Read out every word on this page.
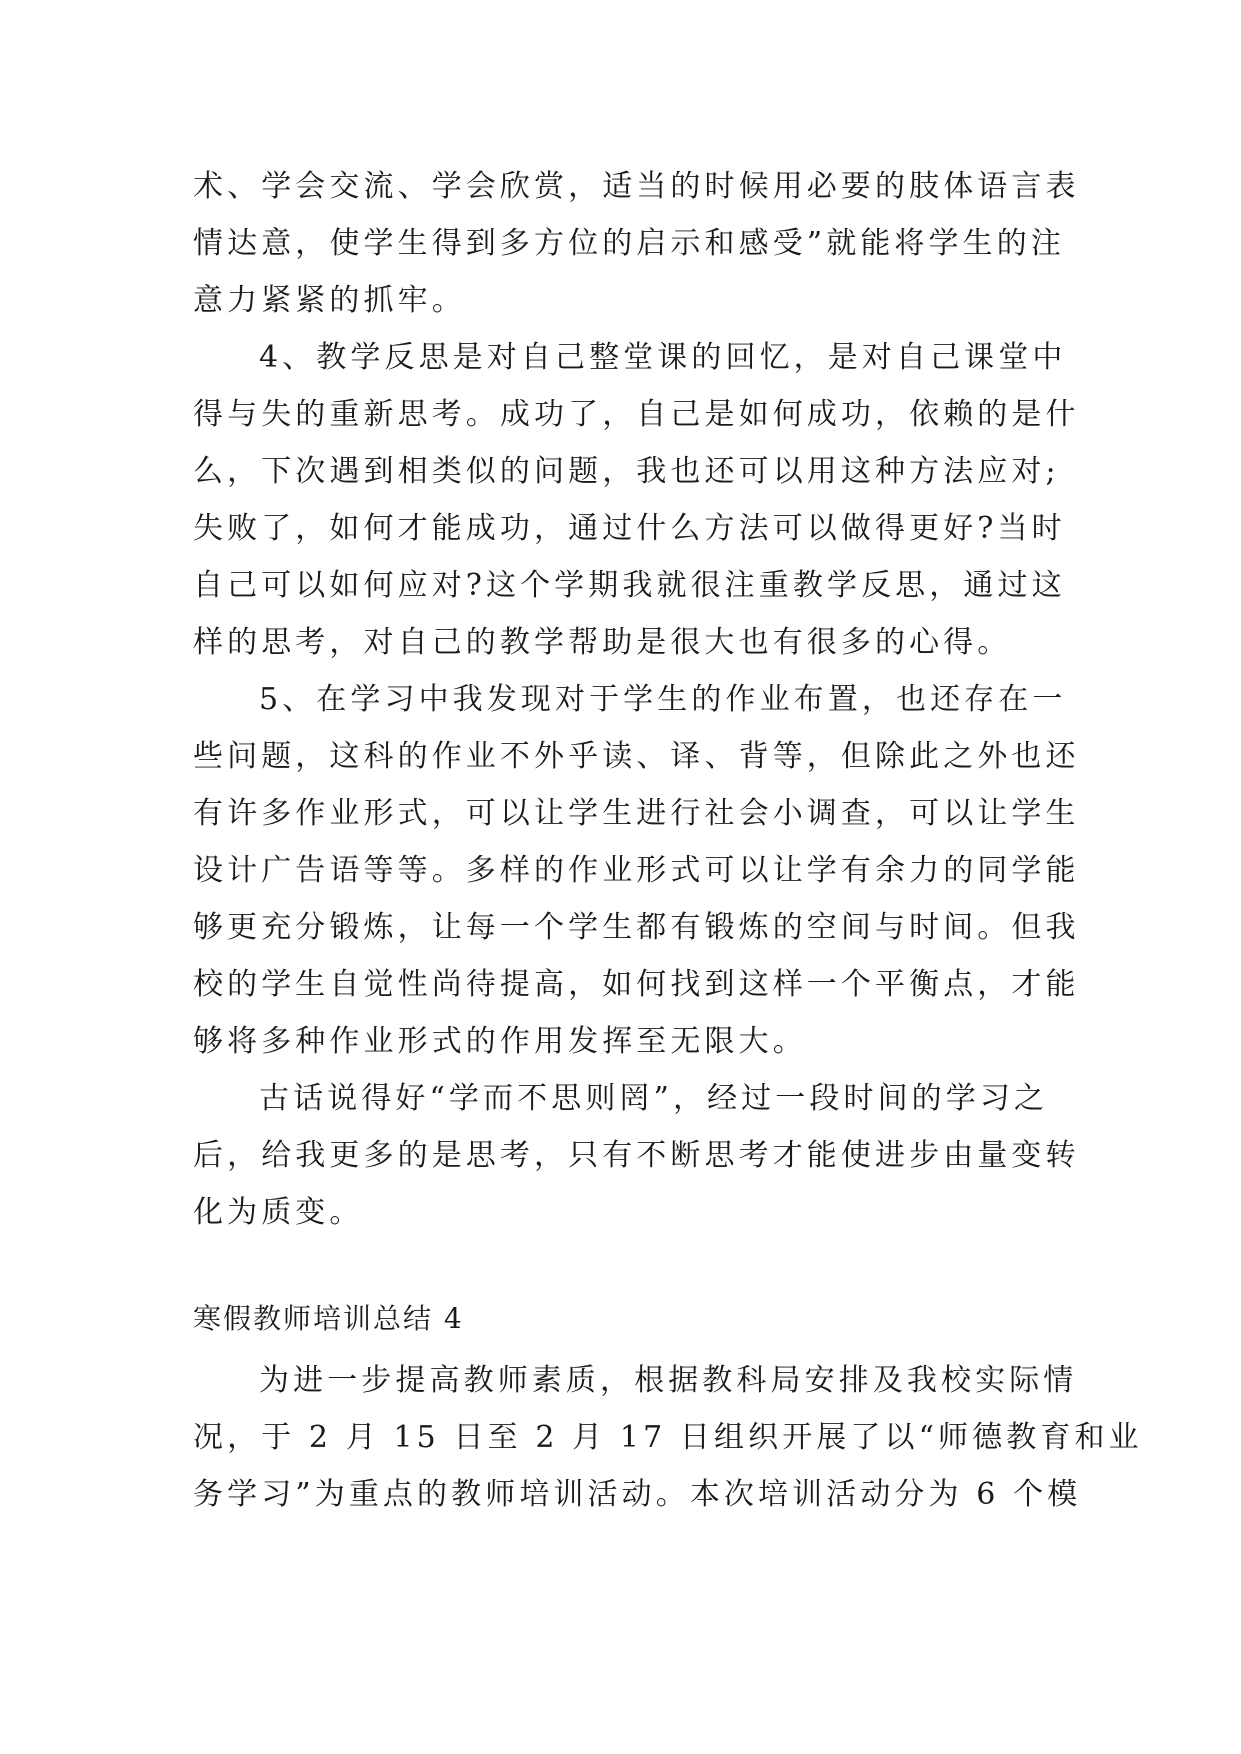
术、学会交流、学会欣赏，适当的时候用必要的肢体语言表
情达意，使学生得到多方位的启示和感受”就能将学生的注
意力紧紧的抓牢。
4、教学反思是对自己整堂课的回忆，是对自己课堂中
得与失的重新思考。成功了，自己是如何成功，依赖的是什
么，下次遇到相类似的问题，我也还可以用这种方法应对;
失败了，如何才能成功，通过什么方法可以做得更好?当时
自己可以如何应对?这个学期我就很注重教学反思，通过这
样的思考，对自己的教学帮助是很大也有很多的心得。
5、在学习中我发现对于学生的作业布置，也还存在一
些问题，这科的作业不外乎读、译、背等，但除此之外也还
有许多作业形式，可以让学生进行社会小调查，可以让学生
设计广告语等等。多样的作业形式可以让学有余力的同学能
够更充分锻炼，让每一个学生都有锻炼的空间与时间。但我
校的学生自觉性尚待提高，如何找到这样一个平衡点，才能
够将多种作业形式的作用发挥至无限大。
古话说得好“学而不思则罔”，经过一段时间的学习之
后，给我更多的是思考，只有不断思考才能使进步由量变转
化为质变。
寒假教师培训总结 4
为进一步提高教师素质，根据教科局安排及我校实际情
况，于 2 月 15 日至 2 月 17 日组织开展了以“师德教育和业
务学习”为重点的教师培训活动。本次培训活动分为 6 个模
